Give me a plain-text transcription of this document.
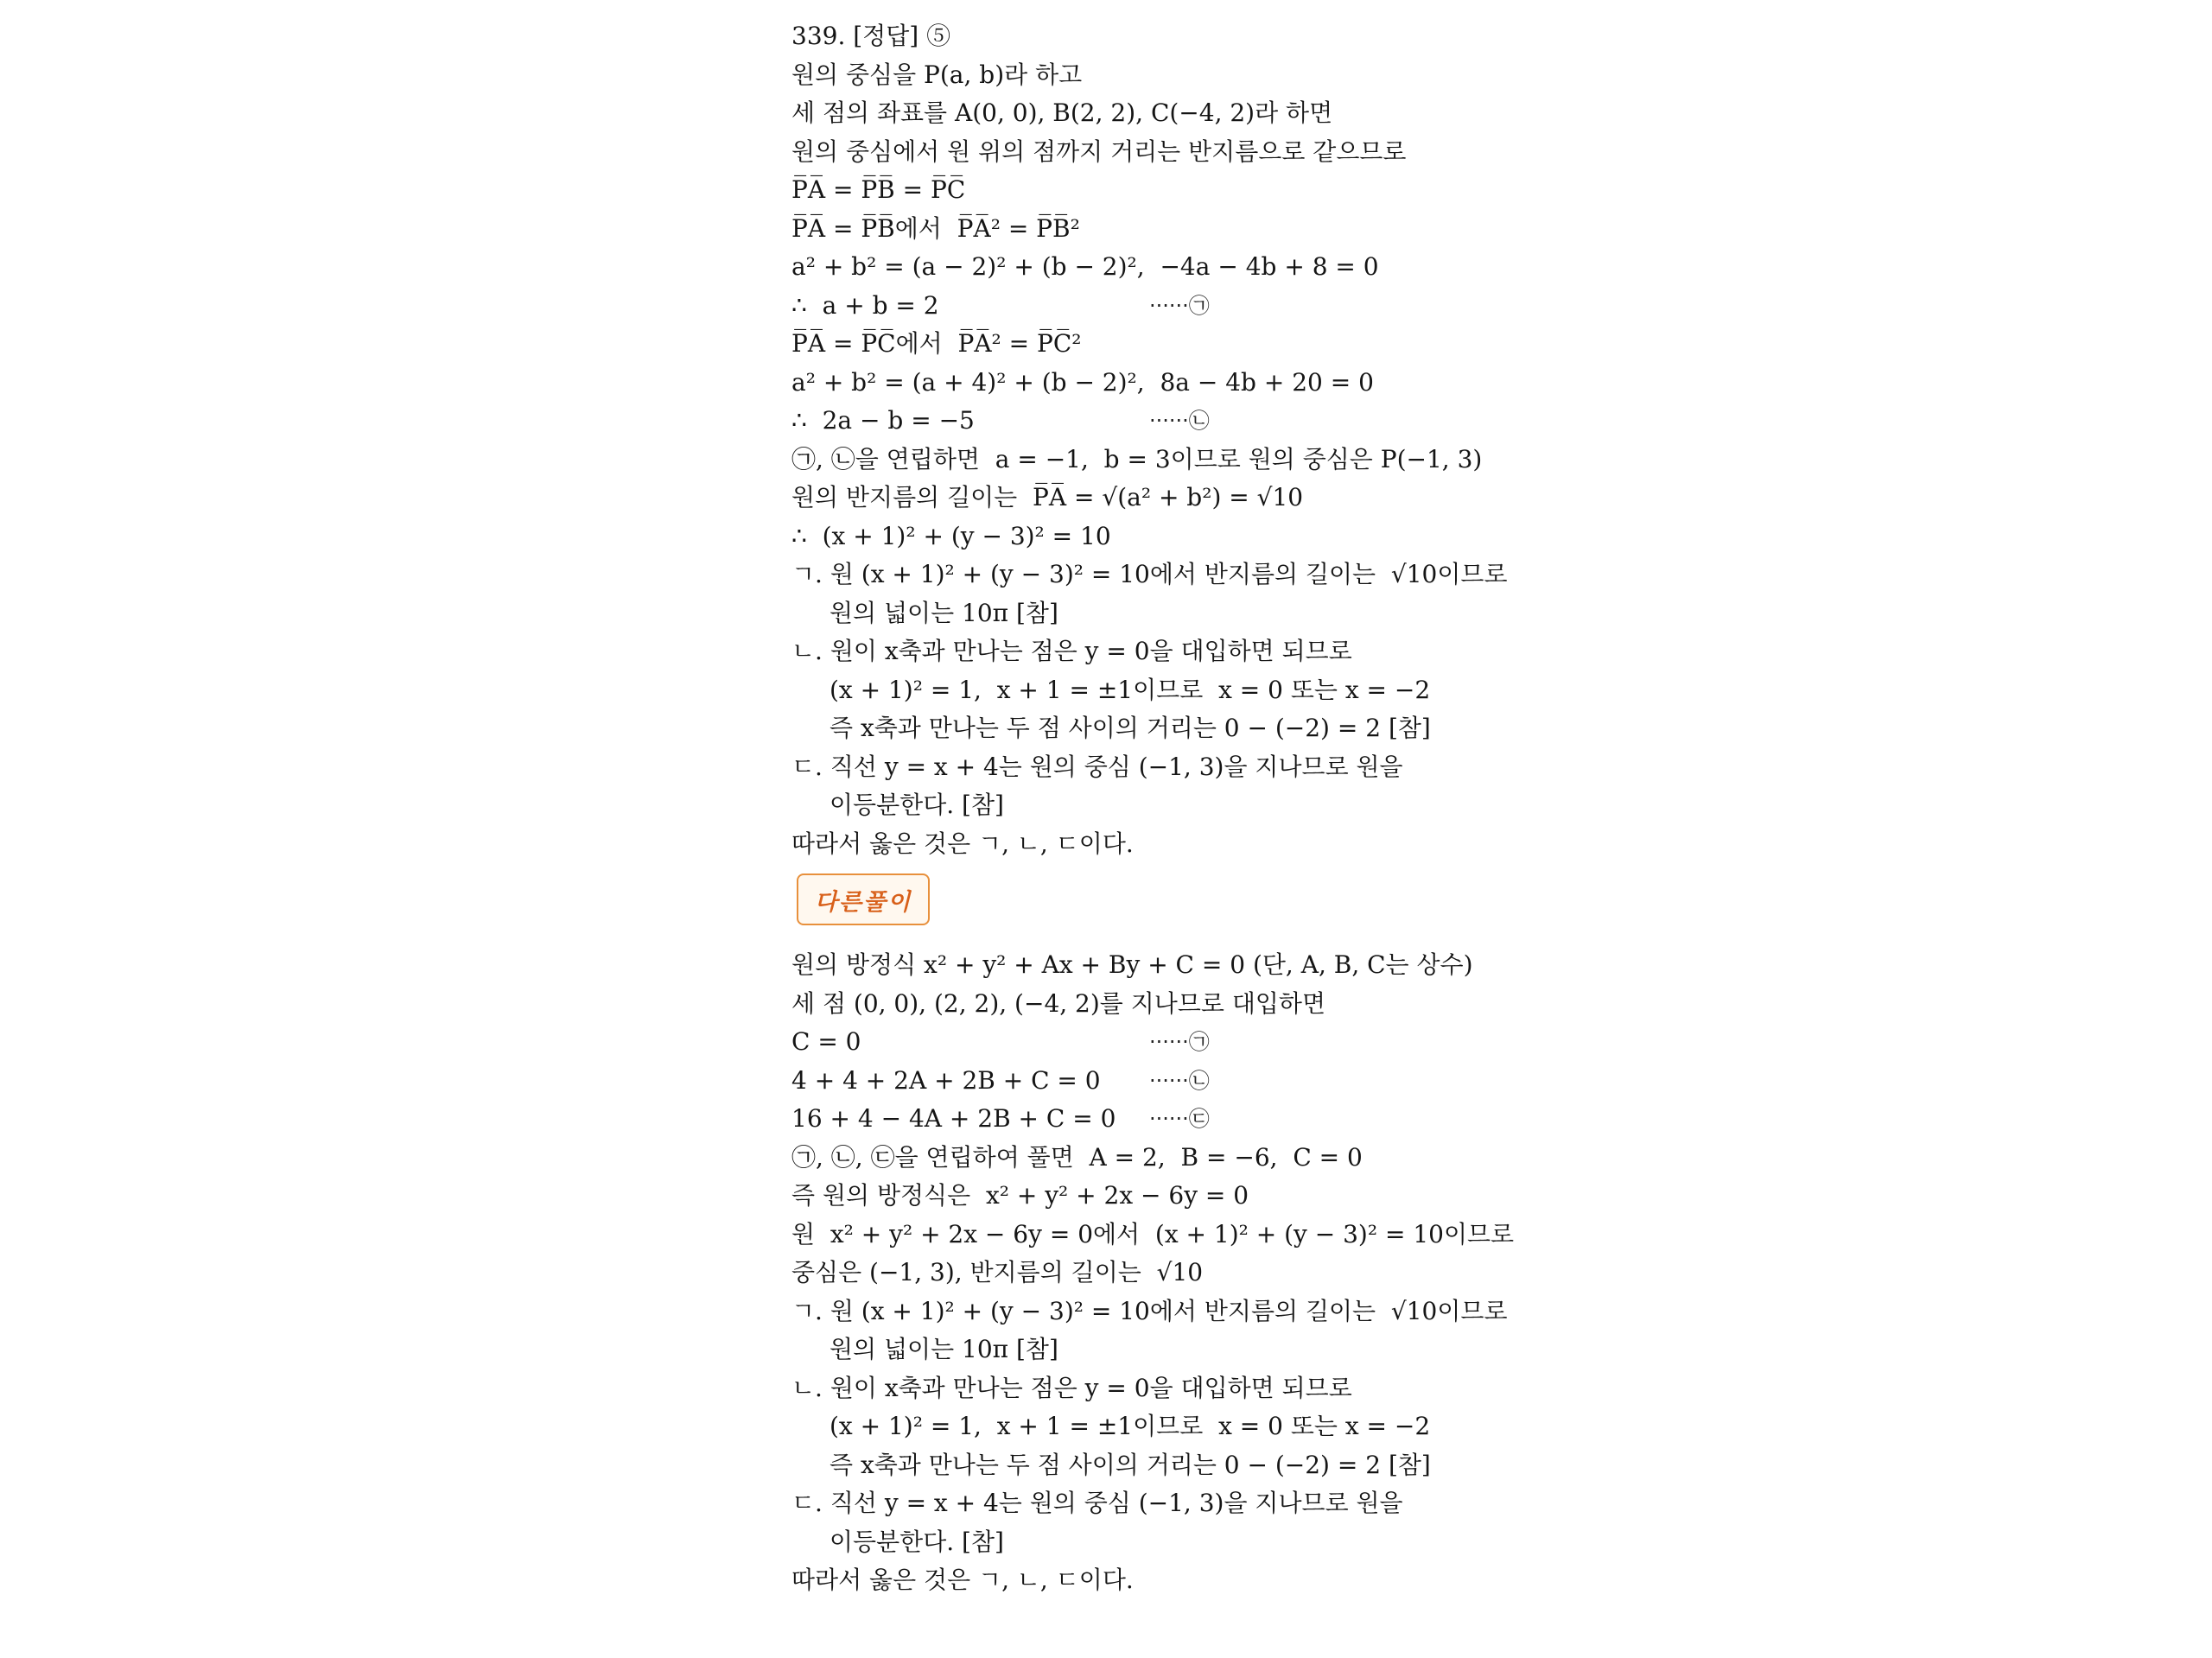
339. [정답] ⑤
원의 중심을 P(a, b)라 하고
세 점의 좌표를 A(0, 0), B(2, 2), C(−4, 2)라 하면
원의 중심에서 원 위의 점까지 거리는 반지름으로 같으므로
P̅A̅ = P̅B̅ = P̅C̅
P̅A̅ = P̅B̅에서  P̅A̅² = P̅B̅²
a² + b² = (a − 2)² + (b − 2)²,  −4a − 4b + 8 = 0
∴  a + b = 2	······㉠
P̅A̅ = P̅C̅에서  P̅A̅² = P̅C̅²
a² + b² = (a + 4)² + (b − 2)²,  8a − 4b + 20 = 0
∴  2a − b = −5	······㉡
㉠, ㉡을 연립하면  a = −1,  b = 3이므로 원의 중심은 P(−1, 3)
원의 반지름의 길이는  P̅A̅ = √(a² + b²) = √10
∴  (x + 1)² + (y − 3)² = 10
ㄱ. 원 (x + 1)² + (y − 3)² = 10에서 반지름의 길이는  √10이므로
원의 넓이는 10π [참]
ㄴ. 원이 x축과 만나는 점은 y = 0을 대입하면 되므로
(x + 1)² = 1,  x + 1 = ±1이므로  x = 0 또는 x = −2
즉 x축과 만나는 두 점 사이의 거리는 0 − (−2) = 2 [참]
ㄷ. 직선 y = x + 4는 원의 중심 (−1, 3)을 지나므로 원을
이등분한다. [참]
따라서 옳은 것은 ㄱ, ㄴ, ㄷ이다.
다른풀이
원의 방정식 x² + y² + Ax + By + C = 0 (단, A, B, C는 상수)
세 점 (0, 0), (2, 2), (−4, 2)를 지나므로 대입하면
C = 0	······㉠
4 + 4 + 2A + 2B + C = 0 ······㉡
16 + 4 − 4A + 2B + C = 0 ······㉢
㉠, ㉡, ㉢을 연립하여 풀면  A = 2,  B = −6,  C = 0
즉 원의 방정식은  x² + y² + 2x − 6y = 0
원  x² + y² + 2x − 6y = 0에서  (x + 1)² + (y − 3)² = 10이므로
중심은 (−1, 3), 반지름의 길이는  √10
ㄱ. 원 (x + 1)² + (y − 3)² = 10에서 반지름의 길이는  √10이므로
원의 넓이는 10π [참]
ㄴ. 원이 x축과 만나는 점은 y = 0을 대입하면 되므로
(x + 1)² = 1,  x + 1 = ±1이므로  x = 0 또는 x = −2
즉 x축과 만나는 두 점 사이의 거리는 0 − (−2) = 2 [참]
ㄷ. 직선 y = x + 4는 원의 중심 (−1, 3)을 지나므로 원을
이등분한다. [참]
따라서 옳은 것은 ㄱ, ㄴ, ㄷ이다.
